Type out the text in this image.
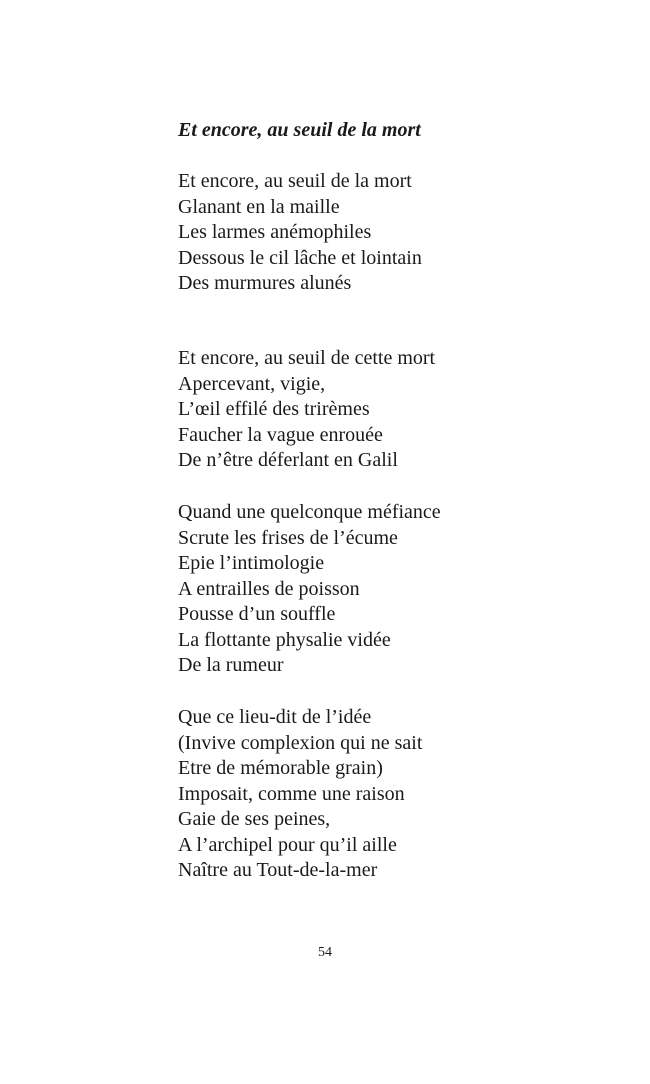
Et encore, au seuil de la mort
Et encore, au seuil de la mort
Glanant en la maille
Les larmes anémophiles
Dessous le cil lâche et lointain
Des murmures alunés
Et encore, au seuil de cette mort
Apercevant, vigie,
L’œil effilé des trirèmes
Faucher la vague enrouée
De n’être déferlant en Galil
Quand une quelconque méfiance
Scrute les frises de l’écume
Epie l’intimologie
A entrailles de poisson
Pousse d’un souffle
La flottante physalie vidée
De la rumeur
Que ce lieu-dit de l’idée
(Invive complexion qui ne sait
Etre de mémorable grain)
Imposait, comme une raison
Gaie de ses peines,
A l’archipel pour qu’il aille
Naître au Tout-de-la-mer
54
